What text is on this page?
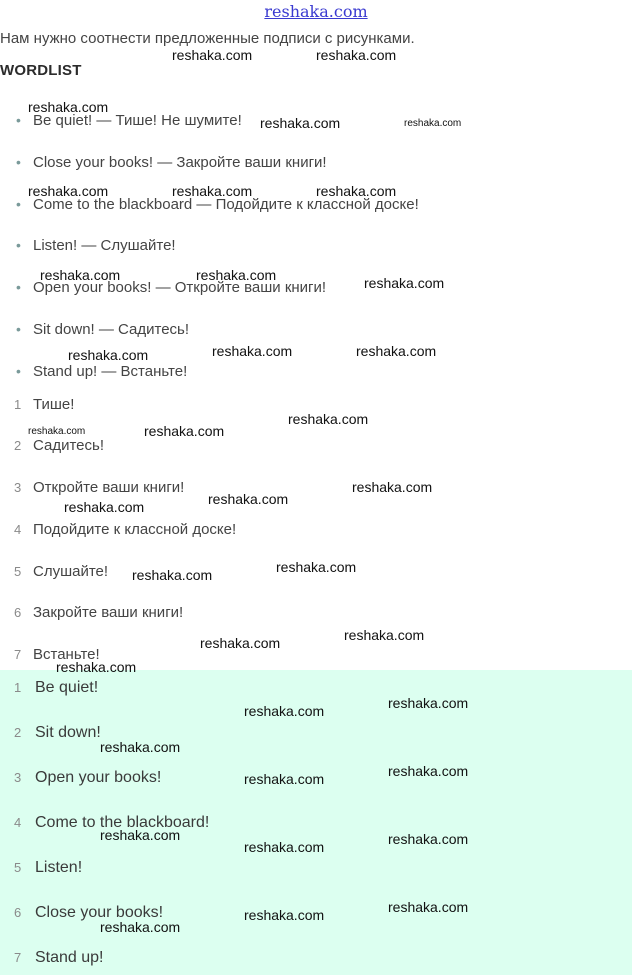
reshaka.com
Нам нужно соотнести предложенные подписи с рисунками.
WORDLIST
• Be quiet! — Тише! Не шумите!
• Close your books! — Закройте ваши книги!
• Come to the blackboard — Подойдите к классной доске!
• Listen! — Слушайте!
• Open your books! — Откройте ваши книги!
• Sit down! — Садитесь!
• Stand up! — Встаньте!
1 Тише!
2 Садитесь!
3 Откройте ваши книги!
4 Подойдите к классной доске!
5 Слушайте!
6 Закройте ваши книги!
7 Встаньте!
1 Be quiet!
2 Sit down!
3 Open your books!
4 Come to the blackboard!
5 Listen!
6 Close your books!
7 Stand up!
reshaka.com	reshaka.com
reshaka.com
reshaka.com	reshaka.com
reshaka.com	reshaka.com	reshaka.com
reshaka.com	reshaka.com	reshaka.com
reshaka.com	reshaka.com	reshaka.com
reshaka.com
reshaka.com	reshaka.com
reshaka.com
reshaka.com
reshaka.com
reshaka.com
reshaka.com
reshaka.com
reshaka.com
reshaka.com
reshaka.com
reshaka.com
reshaka.com
reshaka.com
reshaka.com
reshaka.com	reshaka.com
reshaka.com
reshaka.com
reshaka.com
reshaka.com
